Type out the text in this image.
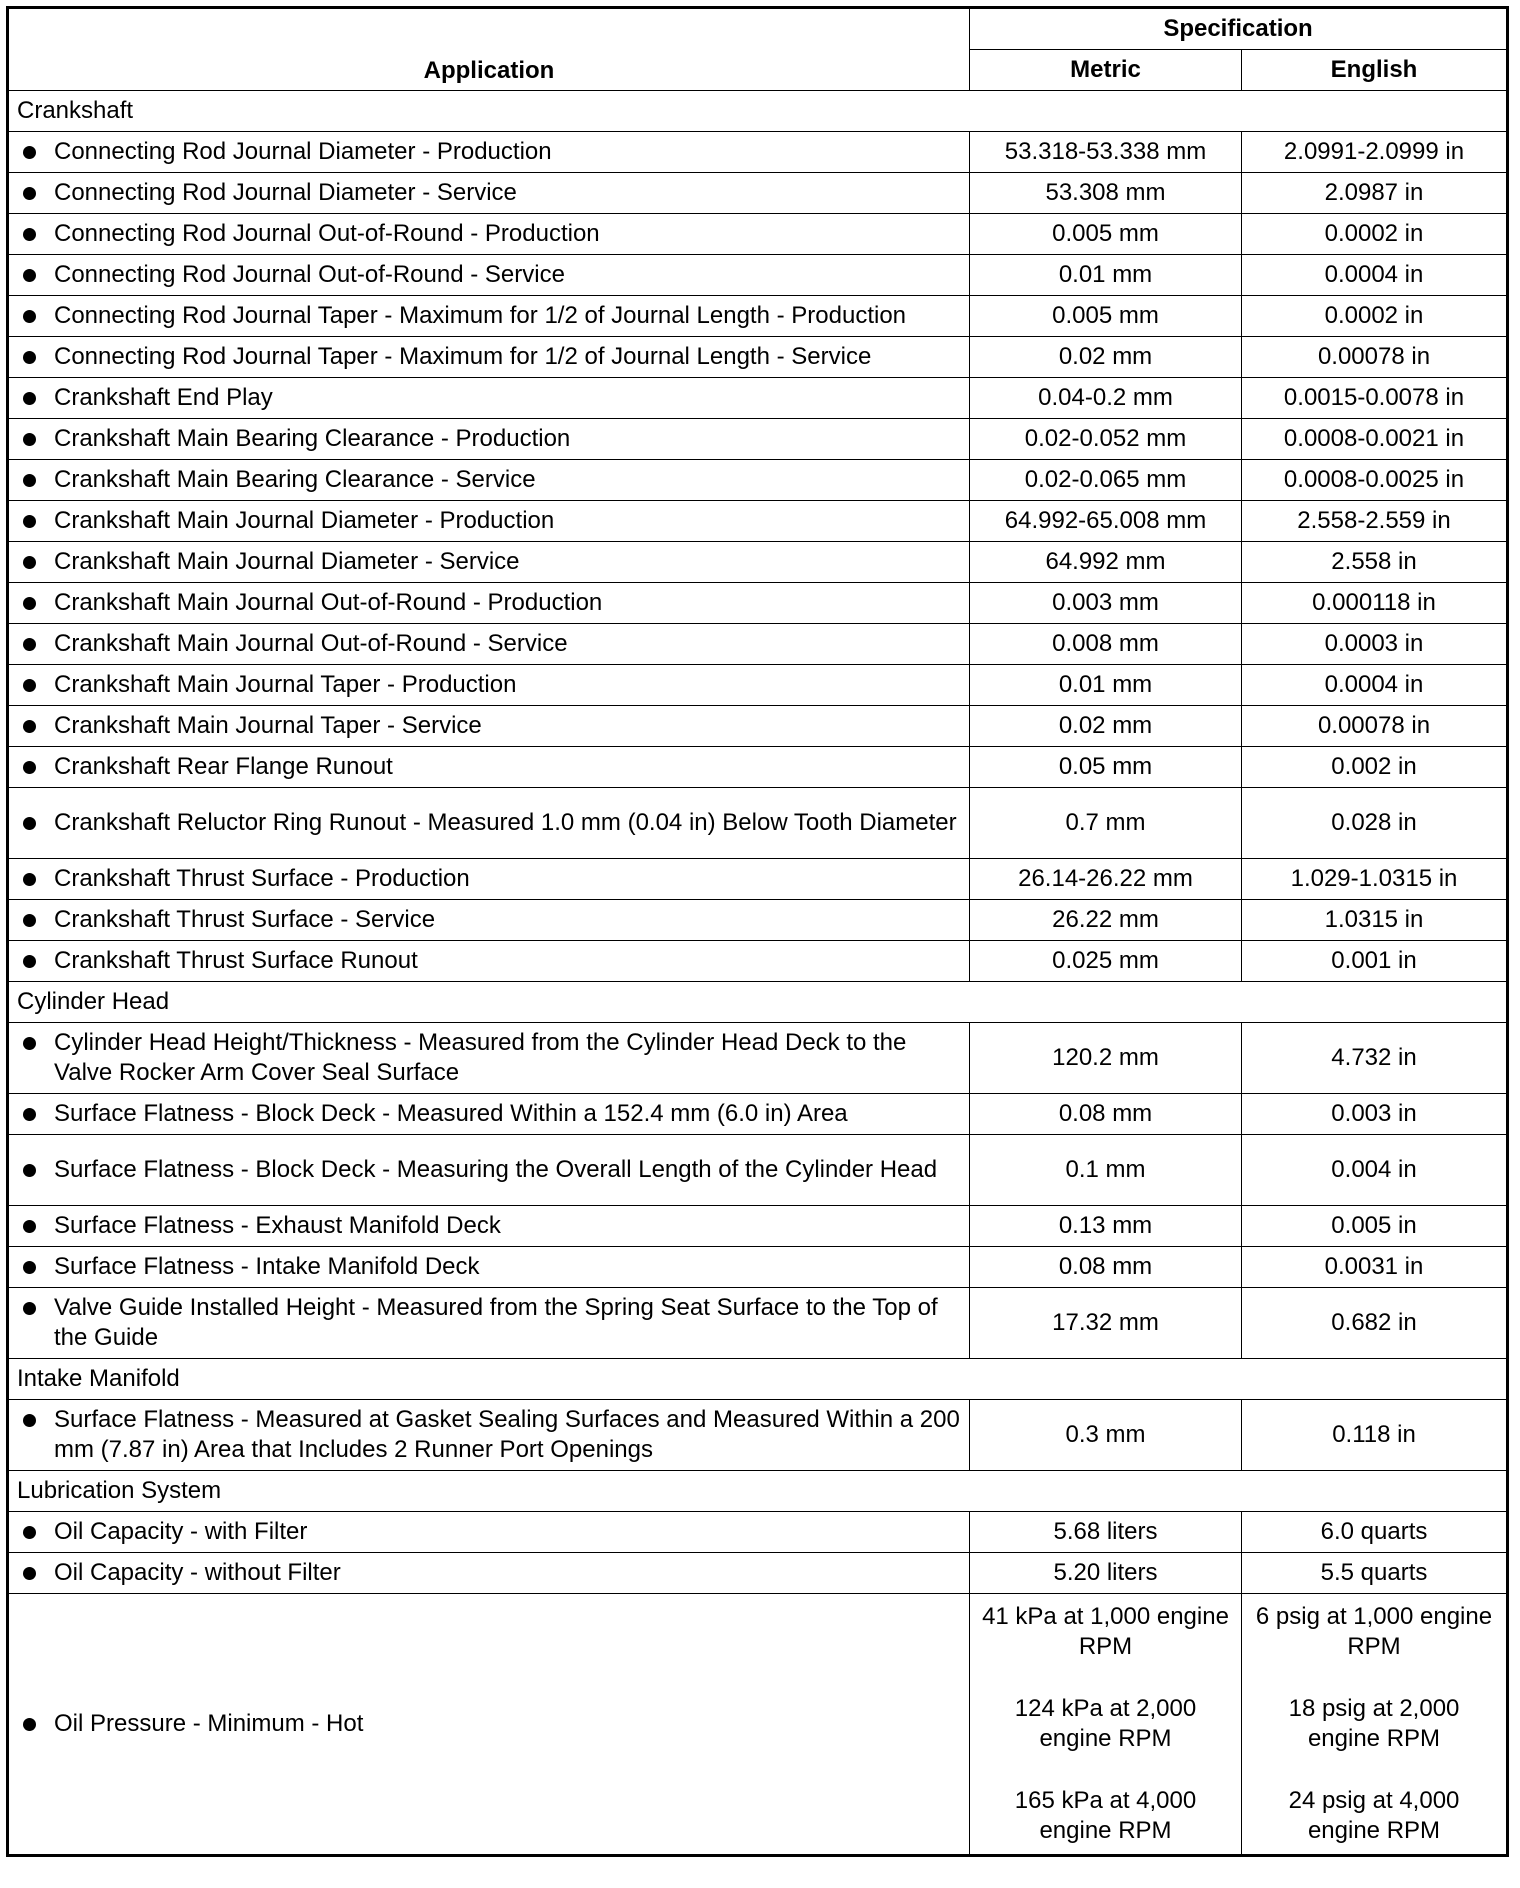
Application	Specification	
	Metric	English
Crankshaft		

Connecting Rod Journal Diameter - Production	53.318-53.338 mm	2.0991-2.0999 in

Connecting Rod Journal Diameter - Service	53.308 mm	2.0987 in

Connecting Rod Journal Out-of-Round - Production	0.005 mm	0.0002 in

Connecting Rod Journal Out-of-Round - Service	0.01 mm	0.0004 in

Connecting Rod Journal Taper - Maximum for 1/2 of Journal Length - Production	0.005 mm	0.0002 in

Connecting Rod Journal Taper - Maximum for 1/2 of Journal Length - Service	0.02 mm	0.00078 in

Crankshaft End Play	0.04-0.2 mm	0.0015-0.0078 in

Crankshaft Main Bearing Clearance - Production	0.02-0.052 mm	0.0008-0.0021 in

Crankshaft Main Bearing Clearance - Service	0.02-0.065 mm	0.0008-0.0025 in

Crankshaft Main Journal Diameter - Production	64.992-65.008 mm	2.558-2.559 in

Crankshaft Main Journal Diameter - Service	64.992 mm	2.558 in

Crankshaft Main Journal Out-of-Round - Production	0.003 mm	0.000118 in

Crankshaft Main Journal Out-of-Round - Service	0.008 mm	0.0003 in

Crankshaft Main Journal Taper - Production	0.01 mm	0.0004 in

Crankshaft Main Journal Taper - Service	0.02 mm	0.00078 in

Crankshaft Rear Flange Runout	0.05 mm	0.002 in

Crankshaft Reluctor Ring Runout - Measured 1.0 mm (0.04 in) Below Tooth Diameter	0.7 mm	0.028 in

Crankshaft Thrust Surface - Production	26.14-26.22 mm	1.029-1.0315 in

Crankshaft Thrust Surface - Service	26.22 mm	1.0315 in

Crankshaft Thrust Surface Runout	0.025 mm	0.001 in
Cylinder Head		

Cylinder Head Height/Thickness - Measured from the Cylinder Head Deck to the Valve Rocker Arm Cover Seal Surface	120.2 mm	4.732 in

Surface Flatness - Block Deck - Measured Within a 152.4 mm (6.0 in) Area	0.08 mm	0.003 in

Surface Flatness - Block Deck - Measuring the Overall Length of the Cylinder Head	0.1 mm	0.004 in

Surface Flatness - Exhaust Manifold Deck	0.13 mm	0.005 in

Surface Flatness - Intake Manifold Deck	0.08 mm	0.0031 in

Valve Guide Installed Height - Measured from the Spring Seat Surface to the Top of the Guide	17.32 mm	0.682 in
Intake Manifold		

Surface Flatness - Measured at Gasket Sealing Surfaces and Measured Within a 200 mm (7.87 in) Area that Includes 2 Runner Port Openings	0.3 mm	0.118 in
Lubrication System		

Oil Capacity - with Filter	5.68 liters	6.0 quarts

Oil Capacity - without Filter	5.20 liters	5.5 quarts

Oil Pressure - Minimum - Hot	41 kPa at 1,000 engine RPM
124 kPa at 2,000 engine RPM
165 kPa at 4,000 engine RPM	6 psig at 1,000 engine RPM
18 psig at 2,000 engine RPM
24 psig at 4,000 engine RPM
